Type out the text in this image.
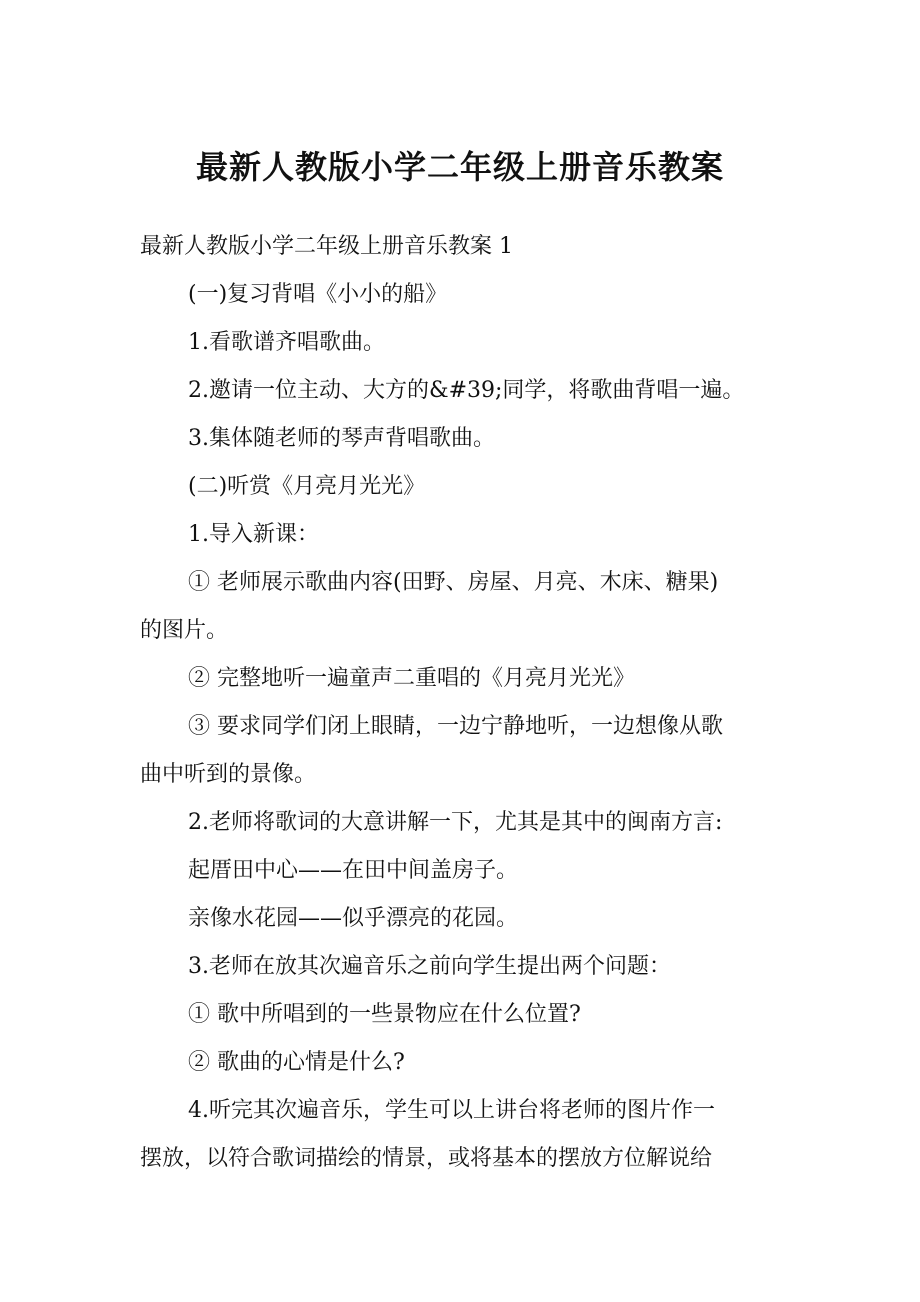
最新人教版小学二年级上册音乐教案
最新人教版小学二年级上册音乐教案 1
(一)复习背唱《小小的船》
1.看歌谱齐唱歌曲。
2.邀请一位主动、大方的&#39;同学，将歌曲背唱一遍。
3.集体随老师的琴声背唱歌曲。
(二)听赏《月亮月光光》
1.导入新课：
① 老师展示歌曲内容(田野、房屋、月亮、木床、糖果)
的图片。
② 完整地听一遍童声二重唱的《月亮月光光》
③ 要求同学们闭上眼睛，一边宁静地听，一边想像从歌
曲中听到的景像。
2.老师将歌词的大意讲解一下，尤其是其中的闽南方言:
起厝田中心——在田中间盖房子。
亲像水花园——似乎漂亮的花园。
3.老师在放其次遍音乐之前向学生提出两个问题：
① 歌中所唱到的一些景物应在什么位置?
② 歌曲的心情是什么?
4.听完其次遍音乐，学生可以上讲台将老师的图片作一
摆放，以符合歌词描绘的情景，或将基本的摆放方位解说给
